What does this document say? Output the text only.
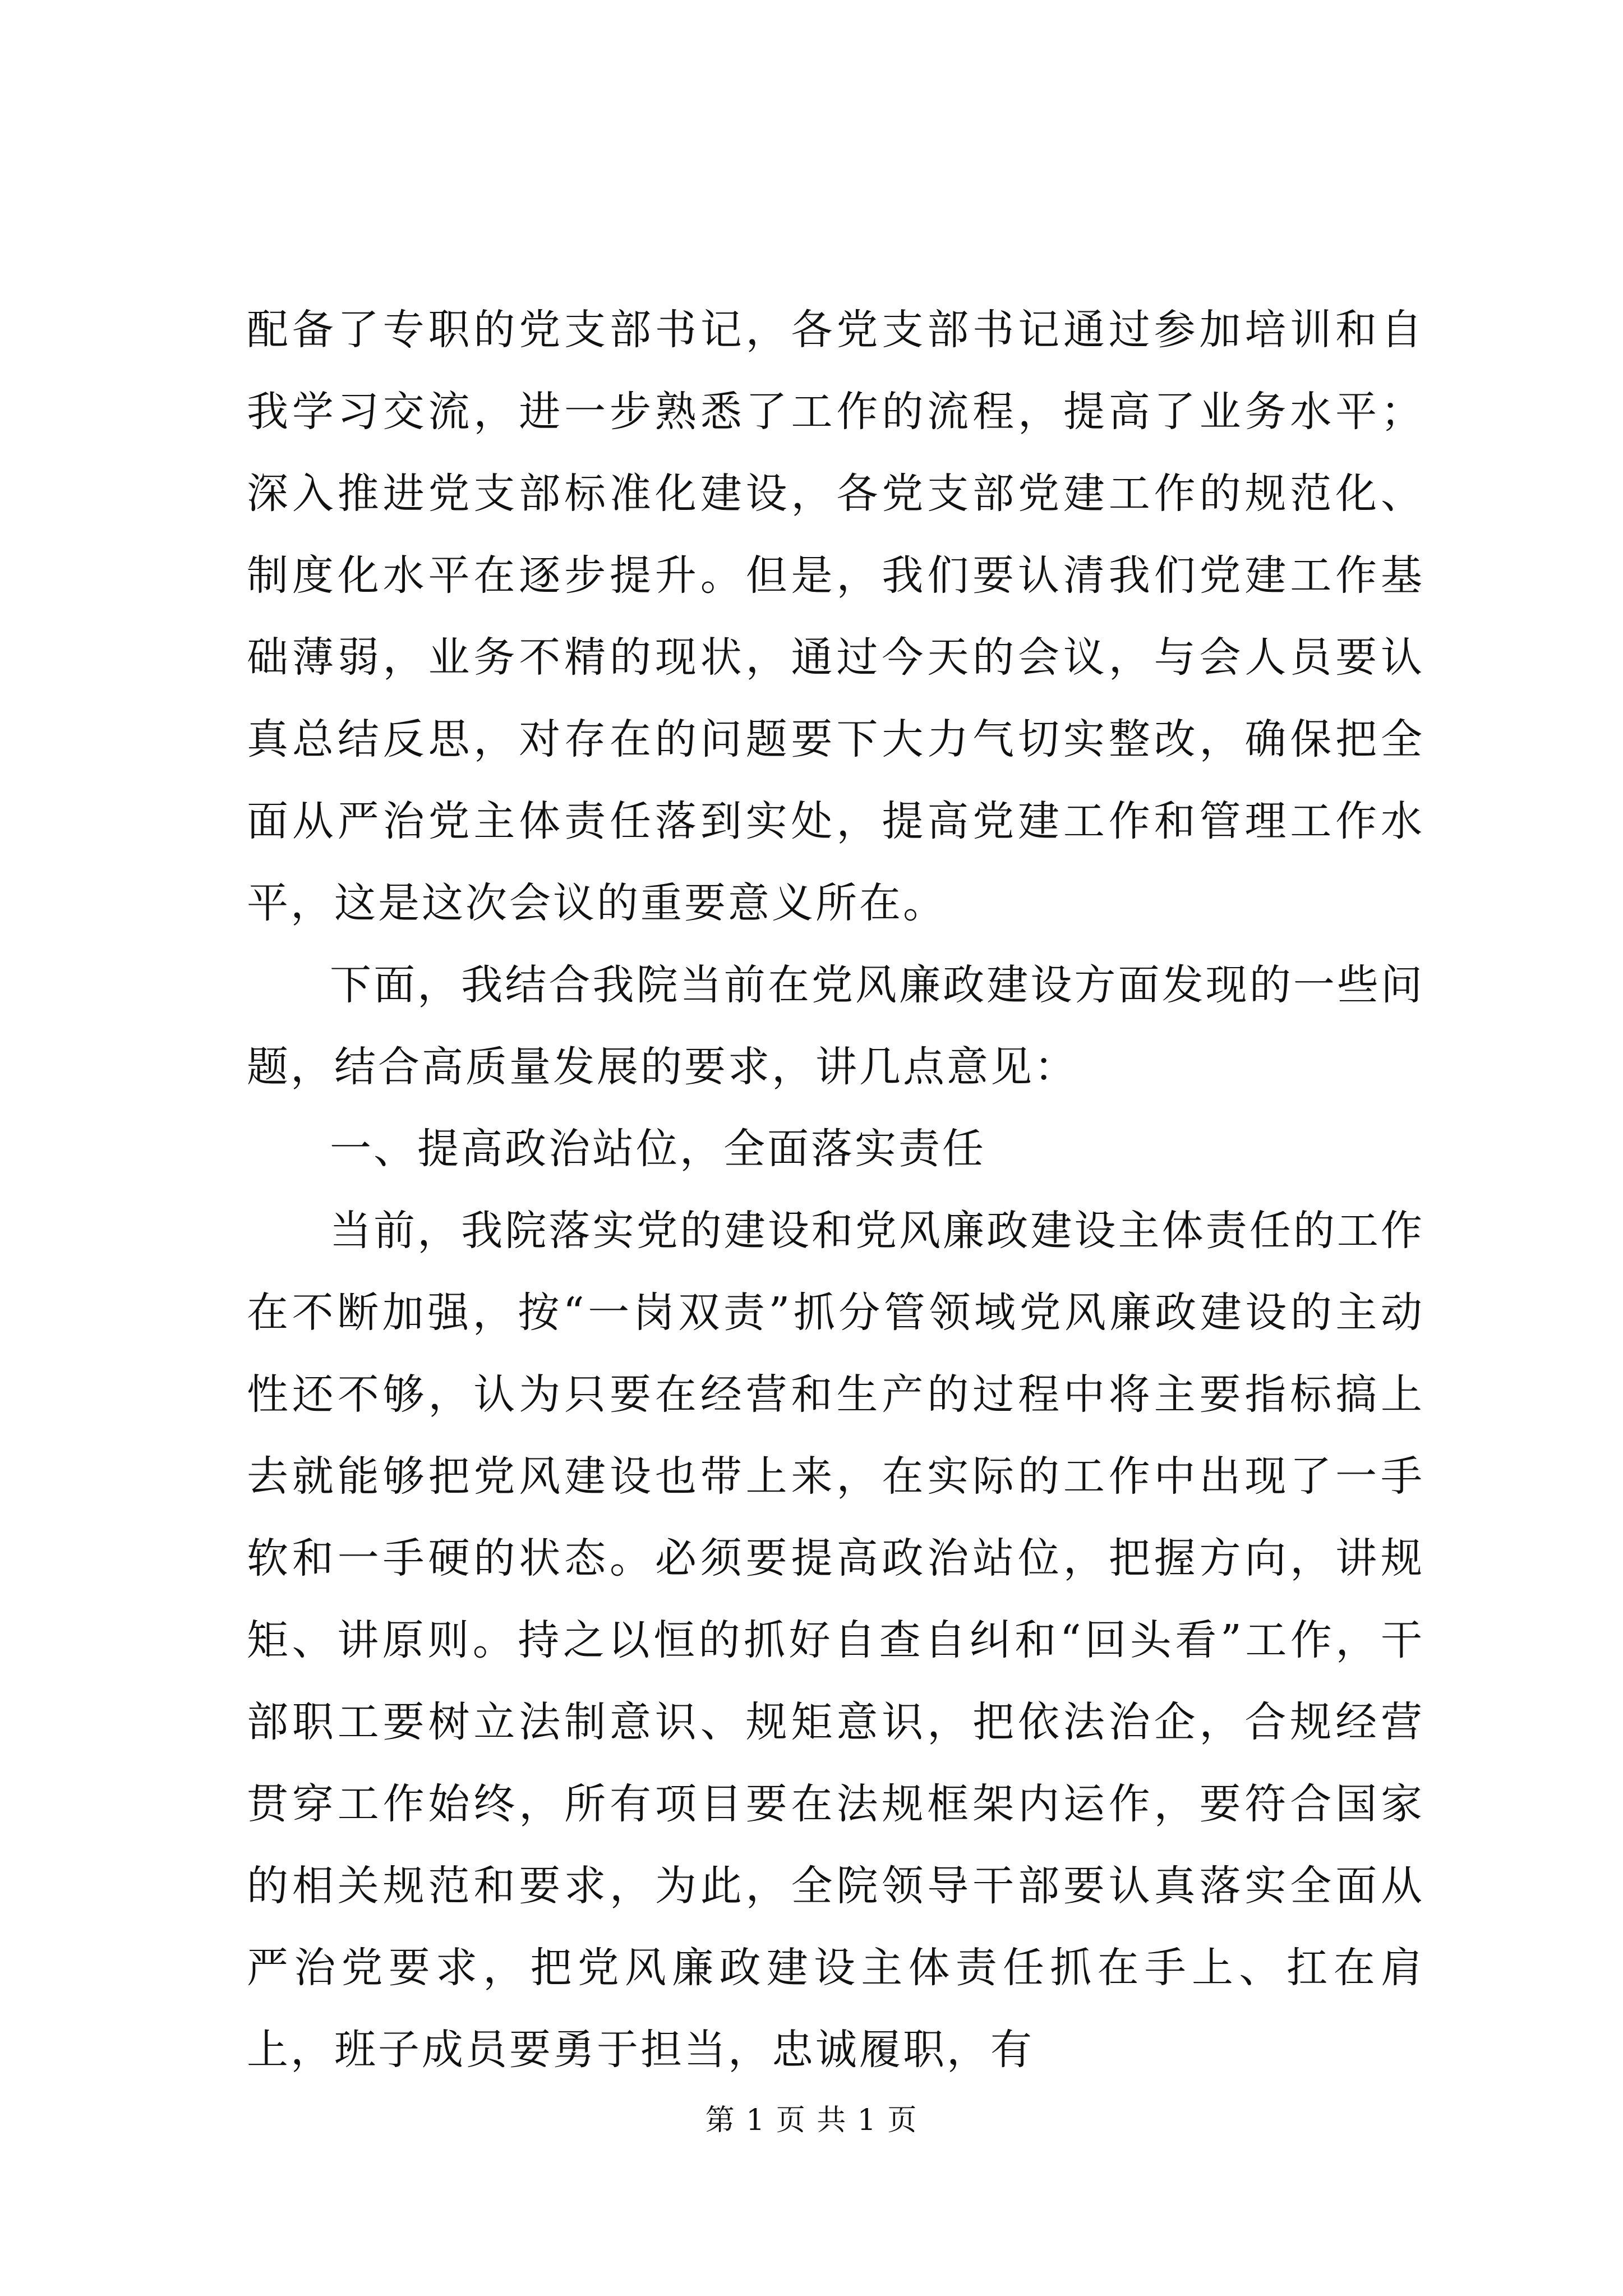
配备了专职的党支部书记，各党支部书记通过参加培训和自我学习交流，进一步熟悉了工作的流程，提高了业务水平；深入推进党支部标准化建设，各党支部党建工作的规范化、制度化水平在逐步提升。但是，我们要认清我们党建工作基础薄弱，业务不精的现状，通过今天的会议，与会人员要认真总结反思，对存在的问题要下大力气切实整改，确保把全面从严治党主体责任落到实处，提高党建工作和管理工作水平，这是这次会议的重要意义所在。

下面，我结合我院当前在党风廉政建设方面发现的一些问题，结合高质量发展的要求，讲几点意见：

一、提高政治站位，全面落实责任

当前，我院落实党的建设和党风廉政建设主体责任的工作在不断加强，按“一岗双责”抓分管领域党风廉政建设的主动性还不够，认为只要在经营和生产的过程中将主要指标搞上去就能够把党风建设也带上来，在实际的工作中出现了一手软和一手硬的状态。必须要提高政治站位，把握方向，讲规矩、讲原则。持之以恒的抓好自查自纠和“回头看”工作，干部职工要树立法制意识、规矩意识，把依法治企，合规经营贯穿工作始终，所有项目要在法规框架内运作，要符合国家的相关规范和要求，为此，全院领导干部要认真落实全面从严治党要求，把党风廉政建设主体责任抓在手上、扛在肩上，班子成员要勇于担当，忠诚履职，有

第 1 页 共 1 页
